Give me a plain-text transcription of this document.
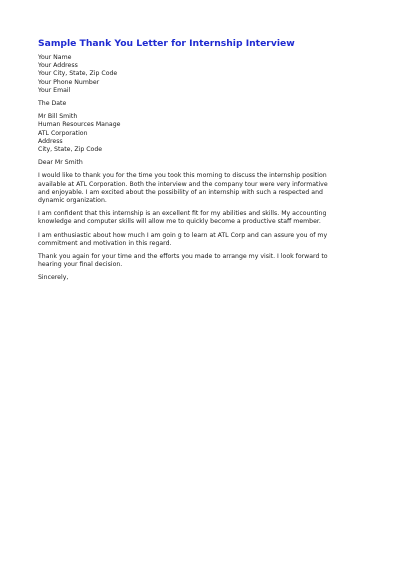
Sample Thank You Letter for Internship Interview
Your Name
Your Address
Your City, State, Zip Code
Your Phone Number
Your Email
The Date
Mr Bill Smith
Human Resources Manage
ATL Corporation
Address
City, State, Zip Code
Dear Mr Smith
I would like to thank you for the time you took this morning to discuss the internship position
available at ATL Corporation. Both the interview and the company tour were very informative
and enjoyable. I am excited about the possibility of an internship with such a respected and
dynamic organization.
I am confident that this internship is an excellent fit for my abilities and skills. My accounting
knowledge and computer skills will allow me to quickly become a productive staff member.
I am enthusiastic about how much I am goin g to learn at ATL Corp and can assure you of my
commitment and motivation in this regard.
Thank you again for your time and the efforts you made to arrange my visit. I look forward to
hearing your final decision.
Sincerely,
